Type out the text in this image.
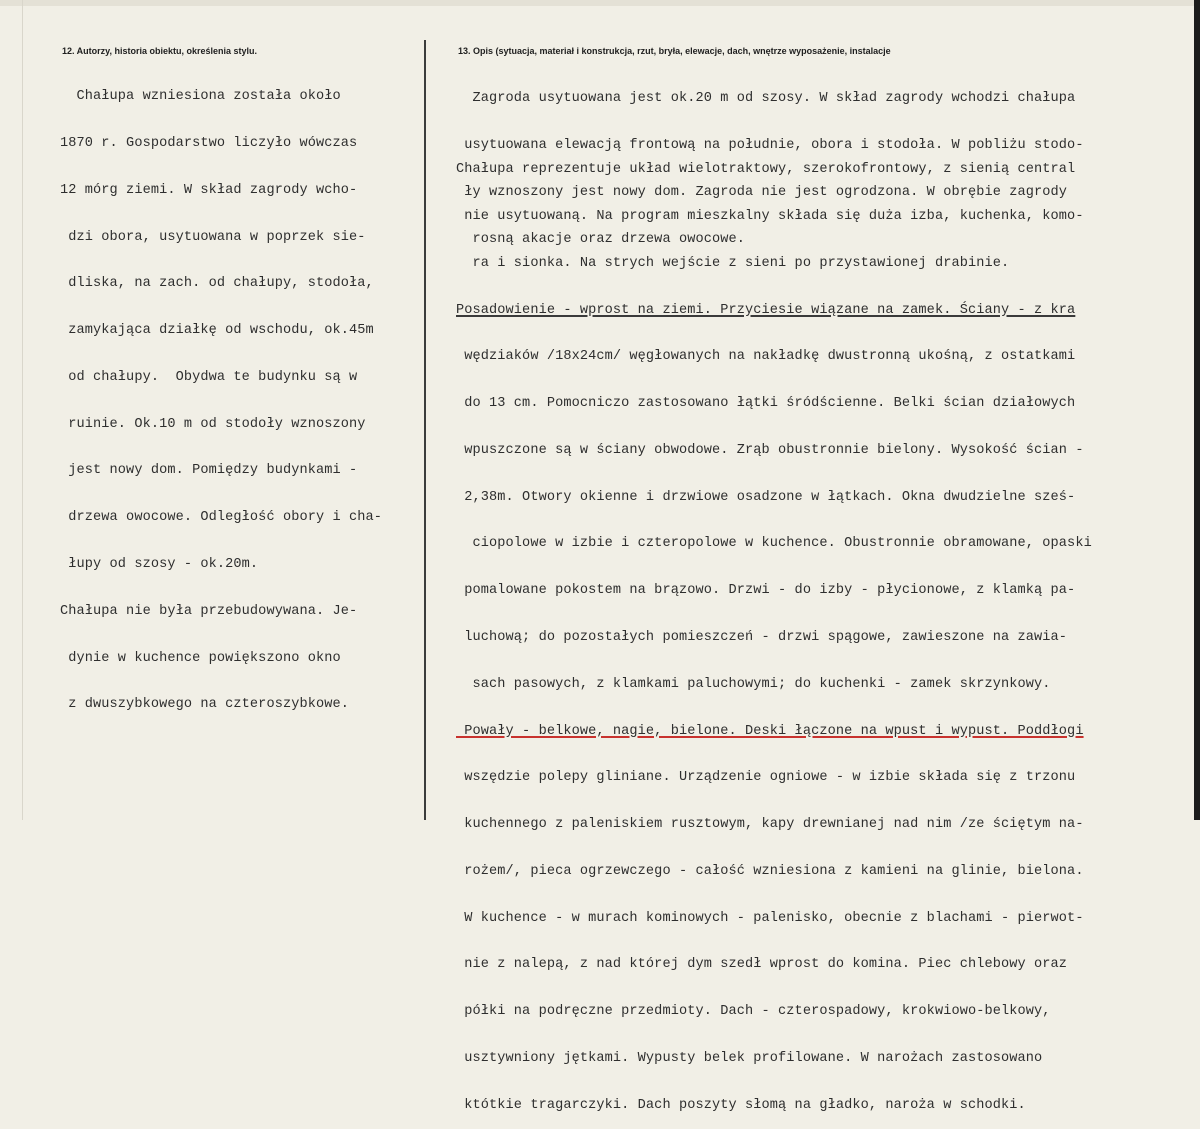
12. Autorzy, historia obiektu, określenia stylu.	13. Opis (sytuacja, materiał i konstrukcja, rzut, bryła, elewacje, dach, wnętrze wyposażenie, instalacje

Chałupa wzniesiona została około

1870 r. Gospodarstwo liczyło wówczas

12 mórg ziemi. W skład zagrody wcho-

dzi obora, usytuowana w poprzek sie-

dliska, na zach. od chałupy, stodoła,

zamykająca działkę od wschodu, ok.45m

od chałupy.  Obydwa te budynku są w

ruinie. Ok.10 m od stodoły wznoszony

jest nowy dom. Pomiędzy budynkami -

drzewa owocowe. Odległość obory i cha-

łupy od szosy - ok.20m.

Chałupa nie była przebudowywana. Je-

dynie w kuchence powiększono okno

z dwuszybkowego na czteroszybkowe.

Zagroda usytuowana jest ok.20 m od szosy. W skład zagrody wchodzi chałupa

usytuowana elewacją frontową na południe, obora i stodoła. W pobliżu stodo-

ły wznoszony jest nowy dom. Zagroda nie jest ogrodzona. W obrębie zagrody

rosną akacje oraz drzewa owocowe.

Chałupa reprezentuje układ wielotraktowy, szerokofrontowy, z sienią central

nie usytuowaną. Na program mieszkalny składa się duża izba, kuchenka, komo-

ra i sionka. Na strych wejście z sieni po przystawionej drabinie.

Posadowienie - wprost na ziemi. Przyciesie wiązane na zamek. Ściany - z kra

wędziaków /18x24cm/ węgłowanych na nakładkę dwustronną ukośną, z ostatkami

do 13 cm. Pomocniczo zastosowano łątki śródścienne. Belki ścian działowych

wpuszczone są w ściany obwodowe. Zrąb obustronnie bielony. Wysokość ścian -

2,38m. Otwory okienne i drzwiowe osadzone w łątkach. Okna dwudzielne sześ-

ciopolowe w izbie i czteropolowe w kuchence. Obustronnie obramowane, opaski

pomalowane pokostem na brązowo. Drzwi - do izby - płycionowe, z klamką pa-

luchową; do pozostałych pomieszczeń - drzwi spągowe, zawieszone na zawia-

sach pasowych, z klamkami paluchowymi; do kuchenki - zamek skrzynkowy.

Powały - belkowe, nagie, bielone. Deski łączone na wpust i wypust. Poddłogi

wszędzie polepy gliniane. Urządzenie ogniowe - w izbie składa się z trzonu

kuchennego z paleniskiem rusztowym, kapy drewnianej nad nim /ze ściętym na-

rożem/, pieca ogrzewczego - całość wzniesiona z kamieni na glinie, bielona.

W kuchence - w murach kominowych - palenisko, obecnie z blachami - pierwot-

nie z nalepą, z nad której dym szedł wprost do komina. Piec chlebowy oraz

półki na podręczne przedmioty. Dach - czterospadowy, krokwiowo-belkowy,

usztywniony jętkami. Wypusty belek profilowane. W narożach zastosowano

któtkie tragarczyki. Dach poszyty słomą na gładko, naroża w schodki.
